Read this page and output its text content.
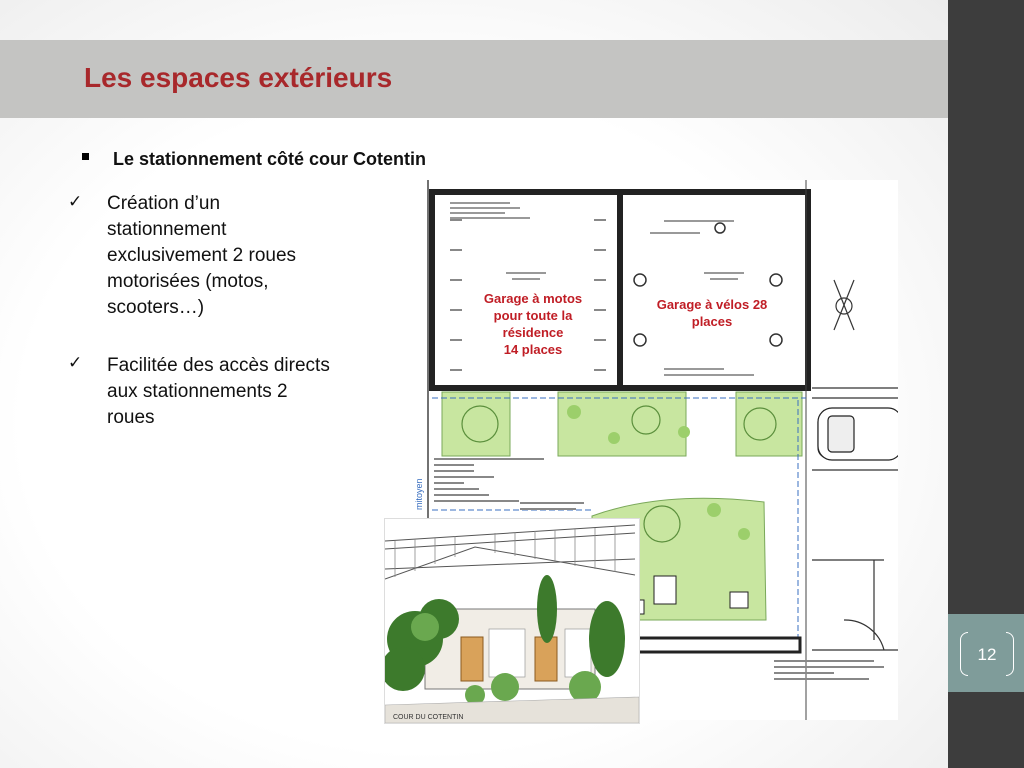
Les espaces extérieurs
12
Le stationnement côté cour Cotentin
✓ Création d’un
stationnement
exclusivement 2 roues
motorisées (motos,
scooters…)

✓ Facilitée des accès directs
aux stationnements 2
roues

mitoyen
Garage à motos
pour toute la
résidence
14 places
Garage à vélos 28
places
COUR DU COTENTIN
